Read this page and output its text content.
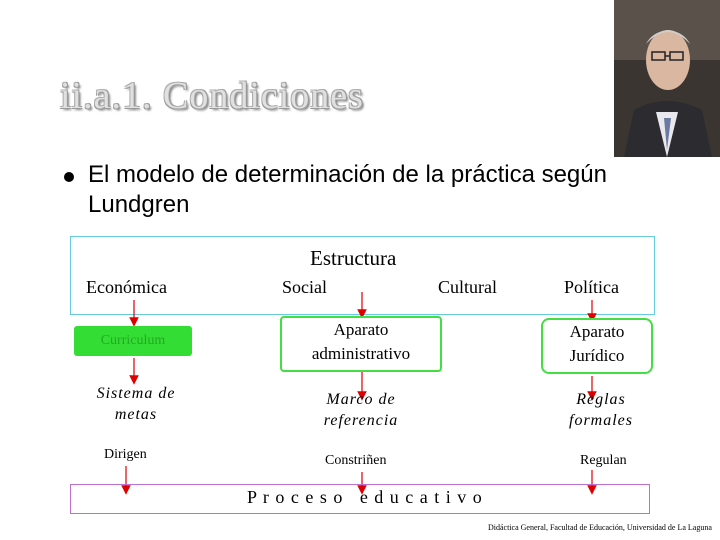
ii.a.1. Condiciones
El modelo de determinación de la práctica según Lundgren
Estructura
Económica	Social	Cultural	Política
Curriculum
Aparato
administrativo
Aparato
Jurídico
Sistema de
metas
Marco de
referencia
Reglas
formales
Dirigen	Constriñen	Regulan
P r o c e s o   e d u c a t i v o
Didáctica General, Facultad de Educación, Universidad de La Laguna
